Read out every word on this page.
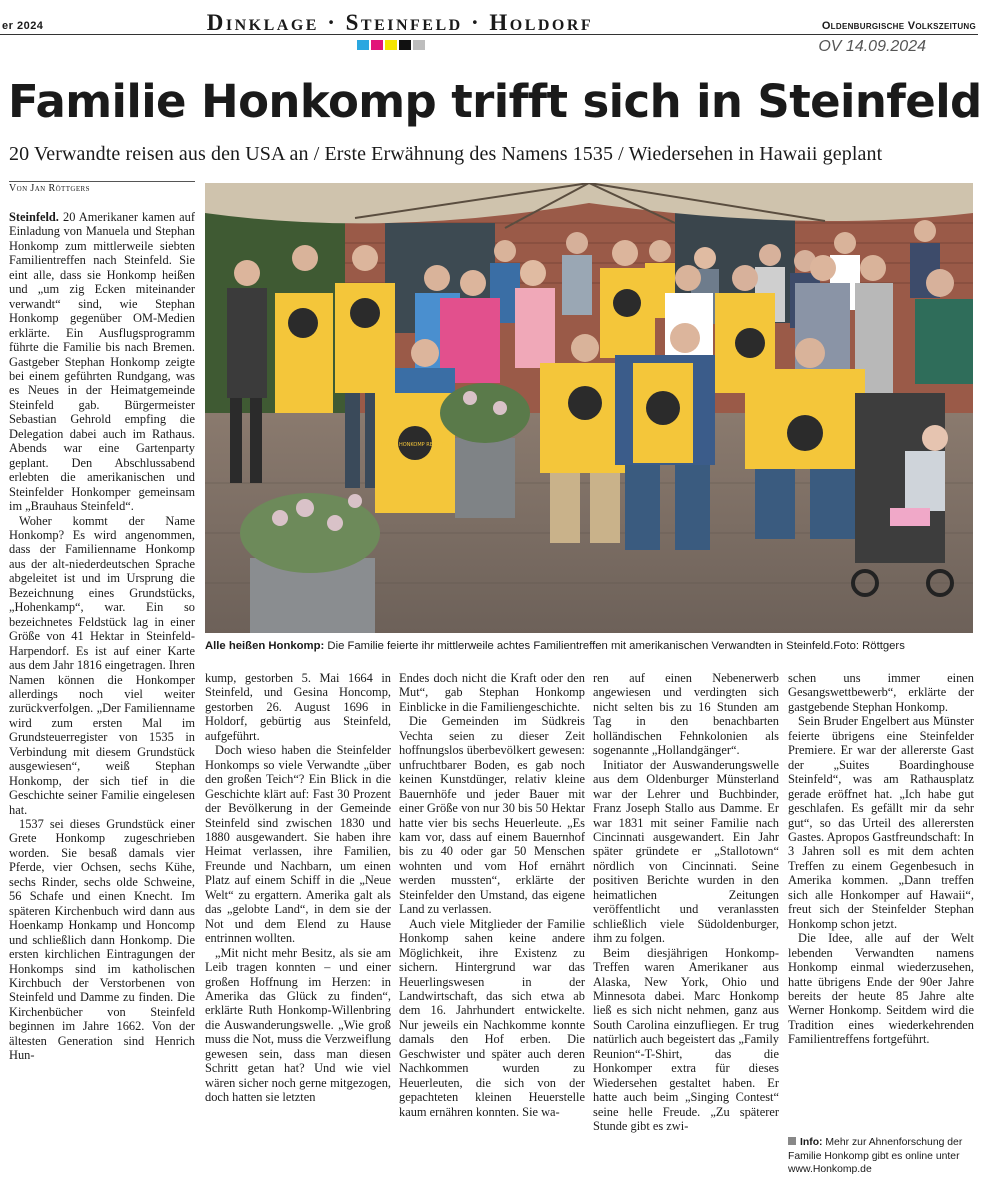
er 2024	Dinklage · Steinfeld · Holdorf	Oldenburgische Volkszeitung
OV 14.09.2024
Familie Honkomp trifft sich in Steinfeld
20 Verwandte reisen aus den USA an / Erste Erwähnung des Namens 1535 / Wiedersehen in Hawaii geplant
Von Jan Röttgers

Steinfeld. 20 Amerikaner kamen auf Einladung von Manuela und Stephan Honkomp zum mittlerweile siebten Familientreffen nach Steinfeld. Sie eint alle, dass sie Honkomp heißen und „um zig Ecken miteinander verwandt“ sind, wie Stephan Honkomp gegenüber OM-Medien erklärte. Ein Ausflugsprogramm führte die Familie bis nach Bremen. Gastgeber Stephan Honkomp zeigte bei einem geführten Rundgang, was es Neues in der Heimatgemeinde Steinfeld gab. Bürgermeister Sebastian Gehrold empfing die Delegation dabei auch im Rathaus. Abends war eine Gartenparty geplant. Den Abschlussabend erlebten die amerikanischen und Steinfelder Honkomper gemeinsam im „Brauhaus Steinfeld“.

Woher kommt der Name Honkomp? Es wird angenommen, dass der Familienname Honkomp aus der alt-niederdeutschen Sprache abgeleitet ist und im Ursprung die Bezeichnung eines Grundstücks, „Hohenkamp“, war. Ein so bezeichnetes Feldstück lag in einer Größe von 41 Hektar in Steinfeld-Harpendorf. Es ist auf einer Karte aus dem Jahr 1816 eingetragen. Ihren Namen können die Honkomper allerdings noch viel weiter zurückverfolgen. „Der Familienname wird zum ersten Mal im Grundsteuerregister von 1535 in Verbindung mit diesem Grundstück ausgewiesen“, weiß Stephan Honkomp, der sich tief in die Geschichte seiner Familie eingelesen hat.

1537 sei dieses Grundstück einer Grete Honkomp zugeschrieben worden. Sie besaß damals vier Pferde, vier Ochsen, sechs Kühe, sechs Rinder, sechs olde Schweine, 56 Schafe und einen Knecht. Im späteren Kirchenbuch wird dann aus Hoenkamp Honkamp und Honcomp und schließlich dann Honkomp. Die ersten kirchlichen Eintragungen der Honkomps sind im katholischen Kirchbuch der Verstorbenen von Steinfeld und Damme zu finden. Die Kirchenbücher von Steinfeld beginnen im Jahre 1662. Von der ältesten Generation sind Henrich Hun-

FAMILY HONKOMP REUNION
Alle heißen Honkomp: Die Familie feierte ihr mittlerweile achtes Familientreffen mit amerikanischen Verwandten in Steinfeld.Foto: Röttgers

kump, gestorben 5. Mai 1664 in Steinfeld, und Gesina Honcomp, gestorben 26. August 1696 in Holdorf, gebürtig aus Steinfeld, aufgeführt.

Doch wieso haben die Steinfelder Honkomps so viele Verwandte „über den großen Teich“? Ein Blick in die Geschichte klärt auf: Fast 30 Prozent der Bevölkerung in der Gemeinde Steinfeld sind zwischen 1830 und 1880 ausgewandert. Sie haben ihre Heimat verlassen, ihre Familien, Freunde und Nachbarn, um einen Platz auf einem Schiff in die „Neue Welt“ zu ergattern. Amerika galt als das „gelobte Land“, in dem sie der Not und dem Elend zu Hause entrinnen wollten.

„Mit nicht mehr Besitz, als sie am Leib tragen konnten – und einer großen Hoffnung im Herzen: in Amerika das Glück zu finden“, erklärte Ruth Honkomp-Willenbring die Auswanderungswelle. „Wie groß muss die Not, muss die Verzweiflung gewesen sein, dass man diesen Schritt getan hat? Und wie viel wären sicher noch gerne mitgezogen, doch hatten sie letzten

Endes doch nicht die Kraft oder den Mut“, gab Stephan Honkomp Einblicke in die Familiengeschichte.

Die Gemeinden im Südkreis Vechta seien zu dieser Zeit hoffnungslos überbevölkert gewesen: unfruchtbarer Boden, es gab noch keinen Kunstdünger, relativ kleine Bauernhöfe und jeder Bauer mit einer Größe von nur 30 bis 50 Hektar hatte vier bis sechs Heuerleute. „Es kam vor, dass auf einem Bauernhof bis zu 40 oder gar 50 Menschen wohnten und vom Hof ernährt werden mussten“, erklärte der Steinfelder den Umstand, das eigene Land zu verlassen.

Auch viele Mitglieder der Familie Honkomp sahen keine andere Möglichkeit, ihre Existenz zu sichern. Hintergrund war das Heuerlingswesen in der Landwirtschaft, das sich etwa ab dem 16. Jahrhundert entwickelte. Nur jeweils ein Nachkomme konnte damals den Hof erben. Die Geschwister und später auch deren Nachkommen wurden zu Heuerleuten, die sich von der gepachteten kleinen Heuerstelle kaum ernähren konnten. Sie wa-

ren auf einen Nebenerwerb angewiesen und verdingten sich nicht selten bis zu 16 Stunden am Tag in den benachbarten holländischen Fehnkolonien als sogenannte „Hollandgänger“.

Initiator der Auswanderungswelle aus dem Oldenburger Münsterland war der Lehrer und Buchbinder, Franz Joseph Stallo aus Damme. Er war 1831 mit seiner Familie nach Cincinnati ausgewandert. Ein Jahr später gründete er „Stallotown“ nördlich von Cincinnati. Seine positiven Berichte wurden in den heimatlichen Zeitungen veröffentlicht und veranlassten schließlich viele Südoldenburger, ihm zu folgen.

Beim diesjährigen Honkomp-Treffen waren Amerikaner aus Alaska, New York, Ohio und Minnesota dabei. Marc Honkomp ließ es sich nicht nehmen, ganz aus South Carolina einzufliegen. Er trug natürlich auch begeistert das „Family Reunion“-T-Shirt, das die Honkomper extra für dieses Wiedersehen gestaltet haben. Er hatte auch beim „Singing Contest“ seine helle Freude. „Zu späterer Stunde gibt es zwi-

schen uns immer einen Gesangswettbewerb“, erklärte der gastgebende Stephan Honkomp.

Sein Bruder Engelbert aus Münster feierte übrigens eine Steinfelder Premiere. Er war der allererste Gast der „Suites Boardinghouse Steinfeld“, was am Rathausplatz gerade eröffnet hat. „Ich habe gut geschlafen. Es gefällt mir da sehr gut“, so das Urteil des allerersten Gastes. Apropos Gastfreundschaft: In 3 Jahren soll es mit dem achten Treffen zu einem Gegenbesuch in Amerika kommen. „Dann treffen sich alle Honkomper auf Hawaii“, freut sich der Steinfelder Stephan Honkomp schon jetzt.

Die Idee, alle auf der Welt lebenden Verwandten namens Honkomp einmal wiederzusehen, hatte übrigens Ende der 90er Jahre bereits der heute 85 Jahre alte Werner Honkomp. Seitdem wird die Tradition eines wiederkehrenden Familientreffens fortgeführt.

Info: Mehr zur Ahnenforschung der Familie Honkomp gibt es online unter www.Honkomp.de
